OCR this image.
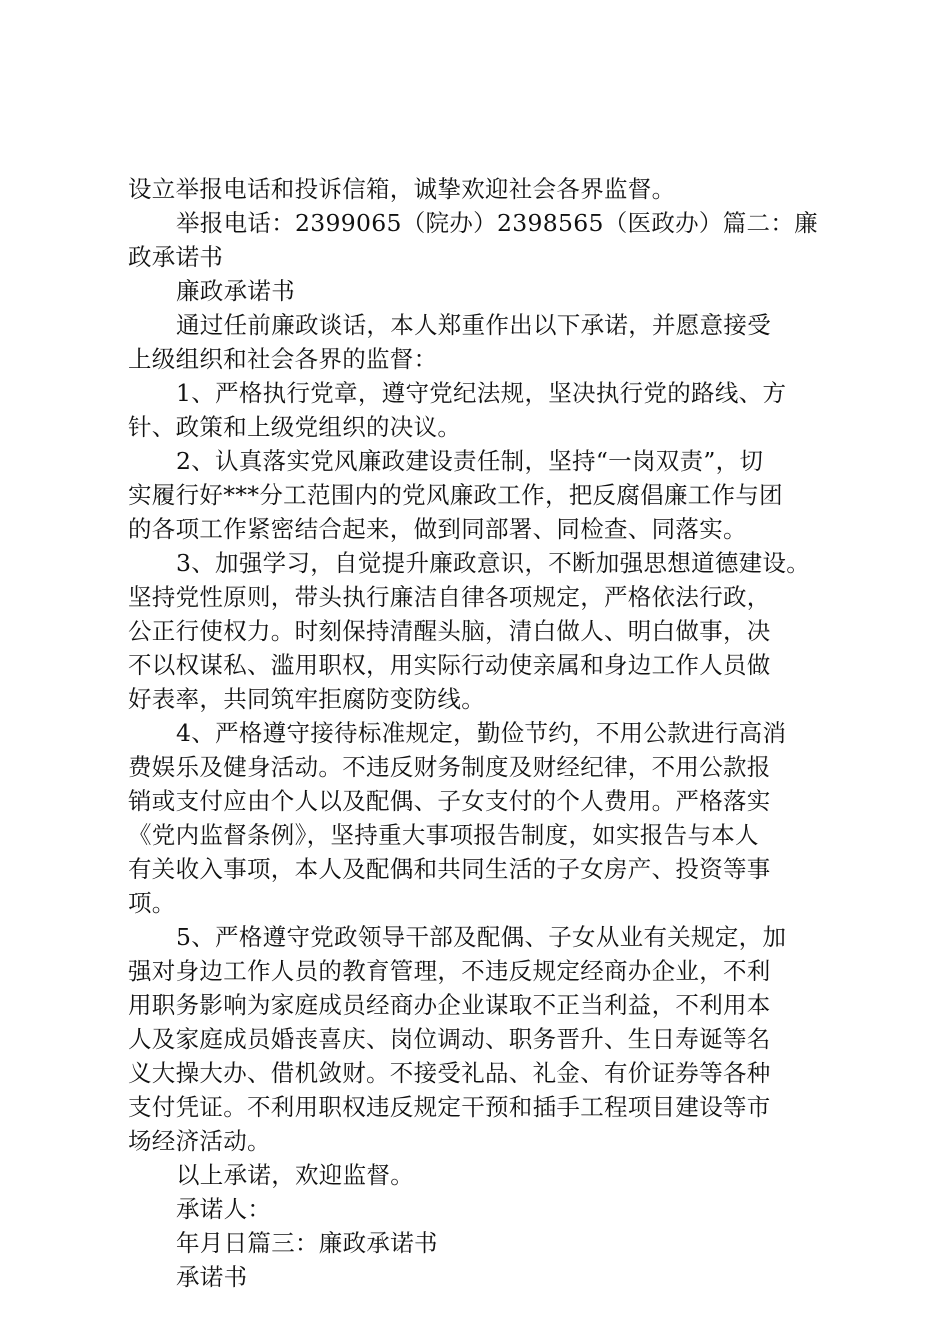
设立举报电话和投诉信箱，诚挚欢迎社会各界监督。
举报电话：2399065（院办）2398565（医政办）篇二：廉
政承诺书
廉政承诺书
通过任前廉政谈话，本人郑重作出以下承诺，并愿意接受
上级组织和社会各界的监督：
1、严格执行党章，遵守党纪法规，坚决执行党的路线、方
针、政策和上级党组织的决议。
2、认真落实党风廉政建设责任制，坚持“一岗双责”，切
实履行好***分工范围内的党风廉政工作，把反腐倡廉工作与团
的各项工作紧密结合起来，做到同部署、同检查、同落实。
3、加强学习，自觉提升廉政意识，不断加强思想道德建设。
坚持党性原则，带头执行廉洁自律各项规定，严格依法行政，
公正行使权力。时刻保持清醒头脑，清白做人、明白做事，决
不以权谋私、滥用职权，用实际行动使亲属和身边工作人员做
好表率，共同筑牢拒腐防变防线。
4、严格遵守接待标准规定，勤俭节约，不用公款进行高消
费娱乐及健身活动。不违反财务制度及财经纪律，不用公款报
销或支付应由个人以及配偶、子女支付的个人费用。严格落实
《党内监督条例》，坚持重大事项报告制度，如实报告与本人
有关收入事项，本人及配偶和共同生活的子女房产、投资等事
项。
5、严格遵守党政领导干部及配偶、子女从业有关规定，加
强对身边工作人员的教育管理，不违反规定经商办企业，不利
用职务影响为家庭成员经商办企业谋取不正当利益，不利用本
人及家庭成员婚丧喜庆、岗位调动、职务晋升、生日寿诞等名
义大操大办、借机敛财。不接受礼品、礼金、有价证券等各种
支付凭证。不利用职权违反规定干预和插手工程项目建设等市
场经济活动。
以上承诺，欢迎监督。
承诺人：
年月日篇三：廉政承诺书
承诺书
